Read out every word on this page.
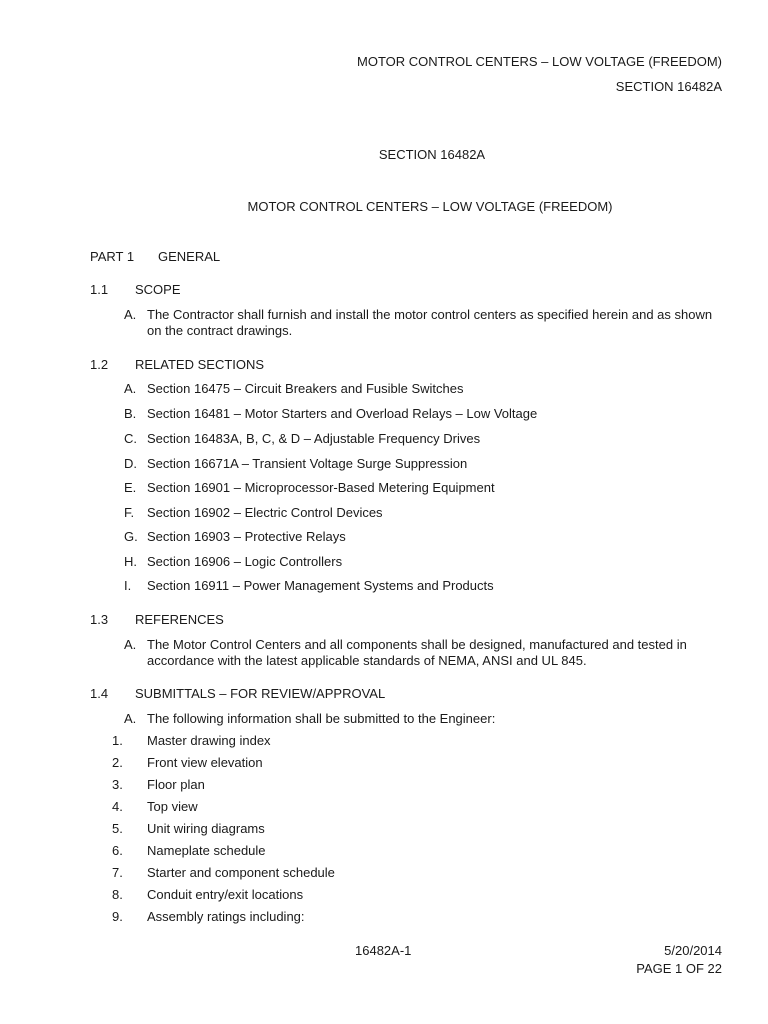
MOTOR CONTROL CENTERS – LOW VOLTAGE (FREEDOM)
SECTION 16482A
SECTION 16482A
MOTOR CONTROL CENTERS – LOW VOLTAGE (FREEDOM)
PART 1 GENERAL
1.1 SCOPE
A. The Contractor shall furnish and install the motor control centers as specified herein and as shown on the contract drawings.
1.2 RELATED SECTIONS
A. Section 16475 – Circuit Breakers and Fusible Switches
B. Section 16481 – Motor Starters and Overload Relays – Low Voltage
C. Section 16483A, B, C, & D – Adjustable Frequency Drives
D. Section 16671A – Transient Voltage Surge Suppression
E. Section 16901 – Microprocessor-Based Metering Equipment
F. Section 16902 – Electric Control Devices
G. Section 16903 – Protective Relays
H. Section 16906 – Logic Controllers
I. Section 16911 – Power Management Systems and Products
1.3 REFERENCES
A. The Motor Control Centers and all components shall be designed, manufactured and tested in accordance with the latest applicable standards of NEMA, ANSI and UL 845.
1.4 SUBMITTALS – FOR REVIEW/APPROVAL
A. The following information shall be submitted to the Engineer:
1. Master drawing index
2. Front view elevation
3. Floor plan
4. Top view
5. Unit wiring diagrams
6. Nameplate schedule
7. Starter and component schedule
8. Conduit entry/exit locations
9. Assembly ratings including:
16482A-1	5/20/2014
PAGE 1 OF 22
